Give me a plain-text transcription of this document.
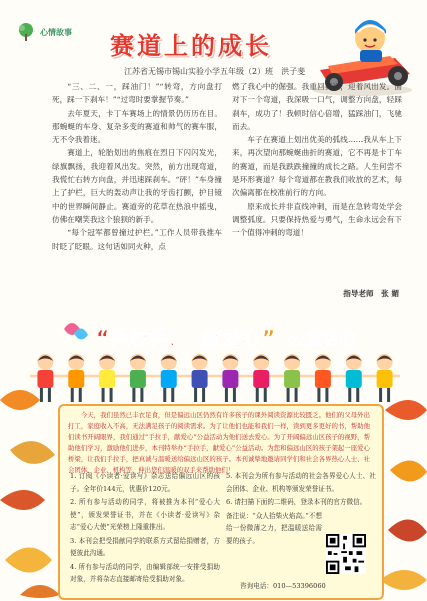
心情故事 赛道上的成长
江苏省无锡市锡山实验小学五年级（2）班　洪子斐

“三、二、一，踩油门！”“转弯，方向盘打死，踩一下刹车！”“过弯时要掌握节奏。”

去年夏天，卡丁车赛场上的情景仍历历在目。那蜿蜒的车身、复杂多变的赛道和帅气的赛车服，无不令我着迷。

赛道上，轮胎划出的焦痕在烈日下闪闪发光，绿旗飘扬，我迎着风出发。突然，前方出现弯道，我慌忙右转方向盘，并迅速踩刹车。“砰！”车身撞上了护栏，巨大的轰动声让我的牙齿打颤，护目镜中的世界瞬间静止。赛道旁的花草在热浪中摇曳，仿佛在嘲笑我这个狼狈的新手。

“每个冠军都曾撞过护栏。”工作人员带我推车时眨了眨眼。这句话如同火种，点

燃了我心中的倔强。我重回赛道，迎着风出发。面对下一个弯道，我深吸一口气，调整方向盘，轻踩刹车，成功了！我顿时信心倍增，猛踩油门，飞驰而去。

车子在赛道上划出优美的弧线……我从车上下来，再次望向那蜿蜒曲折的赛道，它不再是卡丁车的赛道，而是我跌跌撞撞的成长之路。人生何尝不是环形赛道？每个弯道都在教我们收放的艺术，每次偏离都在校准前行的方向。

原来成长并非直线冲刺，而是在急转弯处学会调整弧度。只要保持热爱与勇气，生命永远会有下一个值得冲刺的弯道！

指导老师　张 媚
“手拉手， 献爱心” 公益活动
今天，我们虽然已丰衣足食，但是偏远山区仍然有许多孩子的课外阅读资源比较匮乏。他们的父母外出打工，家庭收入不高，无法满足孩子的阅读需求。为了让他们也能和我们一样，读到更多更好的书，帮助他们读书开阔眼界，我们通过“手拉手，献爱心”公益活动为他们送去爱心。为了开阔偏远山区孩子的视野，帮助他们学习，激励他们进步，本刊特举办“手拉手，献爱心”公益活动。为您和偏远山区的孩子架起一座爱心桥梁，让我们手拉手，把真诚与温暖送给偏远山区的孩子。本刊诚挚地邀请同学们和社会各界热心人士、社会团体、企业、机构等，伸出您们温暖的双手来帮助他们！

1. 订阅《小读者·爱读写》杂志送给偏远山区的孩子。全年价144元，优惠价120元。

2. 所有参与活动的同学，将被推为本刊“爱心大使”，颁发荣誉证书，并在《小读者·爱读写》杂志“爱心大使”光荣榜上隆重推出。

3. 本刊会把受捐献同学的联系方式留给捐赠者，方便彼此沟通。

4. 所有参与活动的同学，由编辑部统一安排受捐助对象，并将杂志直接邮寄给受捐助对象。

5. 本刊会为所有参与活动的社会各界爱心人士、社会团体、企业、机构等颁发荣誉证书。

6. 请扫描下面的二维码，登录本刊的官方微信。

备注说：“众人拾柴火焰高。”不想给一份微薄之力，把温暖送给需要的孩子。

咨询电话：010—53396060
